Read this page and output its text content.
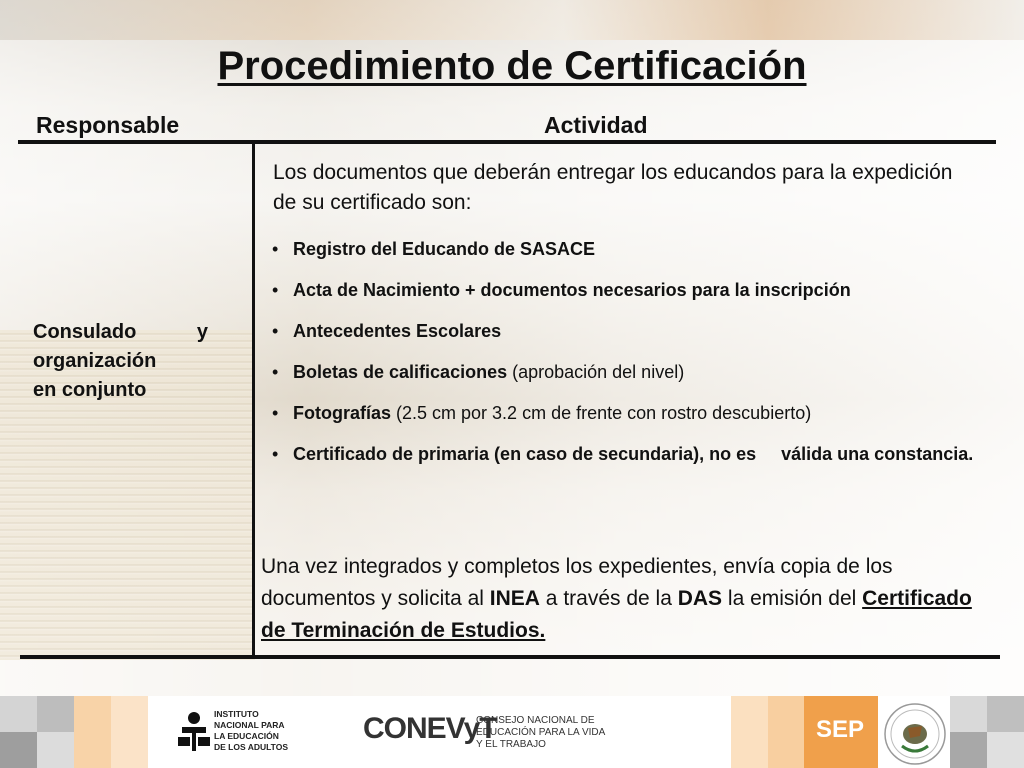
Procedimiento de Certificación
Responsable	Actividad
Consulado	y
organización
en conjunto
Los documentos que deberán entregar los educandos para la expedición de su certificado son:
• Registro del Educando de SASACE
• Acta de Nacimiento + documentos necesarios para la inscripción
• Antecedentes Escolares
• Boletas de calificaciones (aprobación del nivel)
• Fotografías (2.5 cm por 3.2 cm de frente con rostro descubierto)
• Certificado de primaria (en caso de secundaria), no es     válida una constancia.
Una vez integrados y completos los expedientes, envía copia de los documentos y solicita al INEA a través de la DAS la emisión del Certificado de Terminación de Estudios.
INSTITUTO
NACIONAL PARA
LA EDUCACIÓN
DE LOS ADULTOS
CONEVyT
CONSEJO NACIONAL DE
EDUCACIÓN PARA LA VIDA
Y EL TRABAJO
SEP
